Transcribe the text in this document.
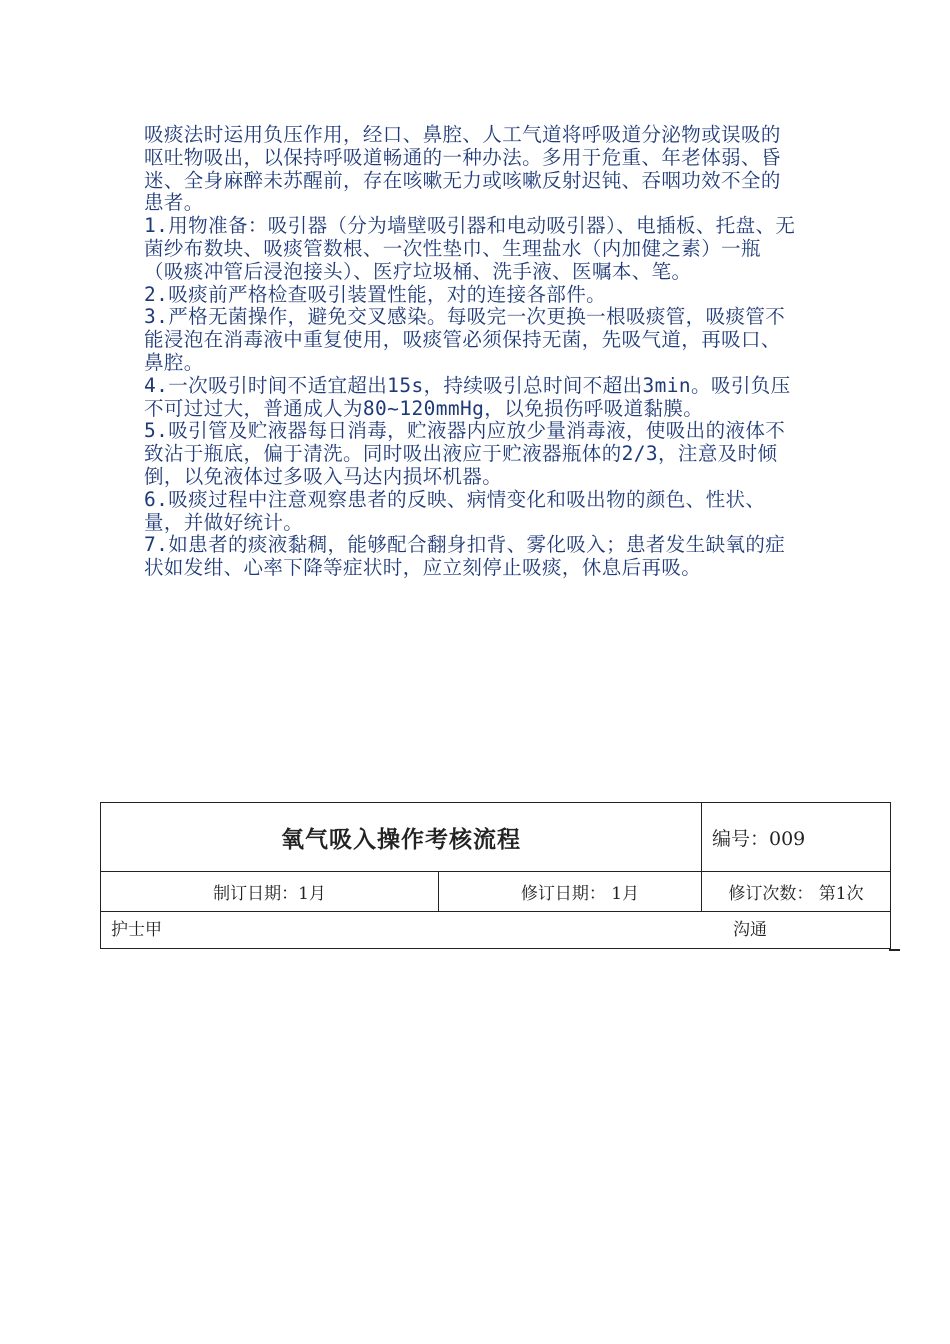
吸痰法时运用负压作用，经口、鼻腔、人工气道将呼吸道分泌物或误吸的呕吐物吸出，以保持呼吸道畅通的一种办法。多用于危重、年老体弱、昏迷、全身麻醉未苏醒前，存在咳嗽无力或咳嗽反射迟钝、吞咽功效不全的患者。

1.用物准备：吸引器（分为墙壁吸引器和电动吸引器）、电插板、托盘、无菌纱布数块、吸痰管数根、一次性垫巾、生理盐水（内加健之素）一瓶（吸痰冲管后浸泡接头）、医疗垃圾桶、洗手液、医嘱本、笔。

2.吸痰前严格检查吸引装置性能，对的连接各部件。

3.严格无菌操作，避免交叉感染。每吸完一次更换一根吸痰管，吸痰管不能浸泡在消毒液中重复使用，吸痰管必须保持无菌，先吸气道，再吸口、鼻腔。

4.一次吸引时间不适宜超出15s，持续吸引总时间不超出3min。吸引负压不可过过大，普通成人为80~120mmHg，以免损伤呼吸道黏膜。

5.吸引管及贮液器每日消毒，贮液器内应放少量消毒液，使吸出的液体不致沾于瓶底，偏于清洗。同时吸出液应于贮液器瓶体的2/3，注意及时倾倒，以免液体过多吸入马达内损坏机器。

6.吸痰过程中注意观察患者的反映、病情变化和吸出物的颜色、性状、量，并做好统计。

7.如患者的痰液黏稠，能够配合翻身扣背、雾化吸入；患者发生缺氧的症状如发绀、心率下降等症状时，应立刻停止吸痰，休息后再吸。

氧气吸入操作考核流程		编号：009
制订日期：1月	修订日期： 1月	修订次数： 第1次

护士甲 沟通		
